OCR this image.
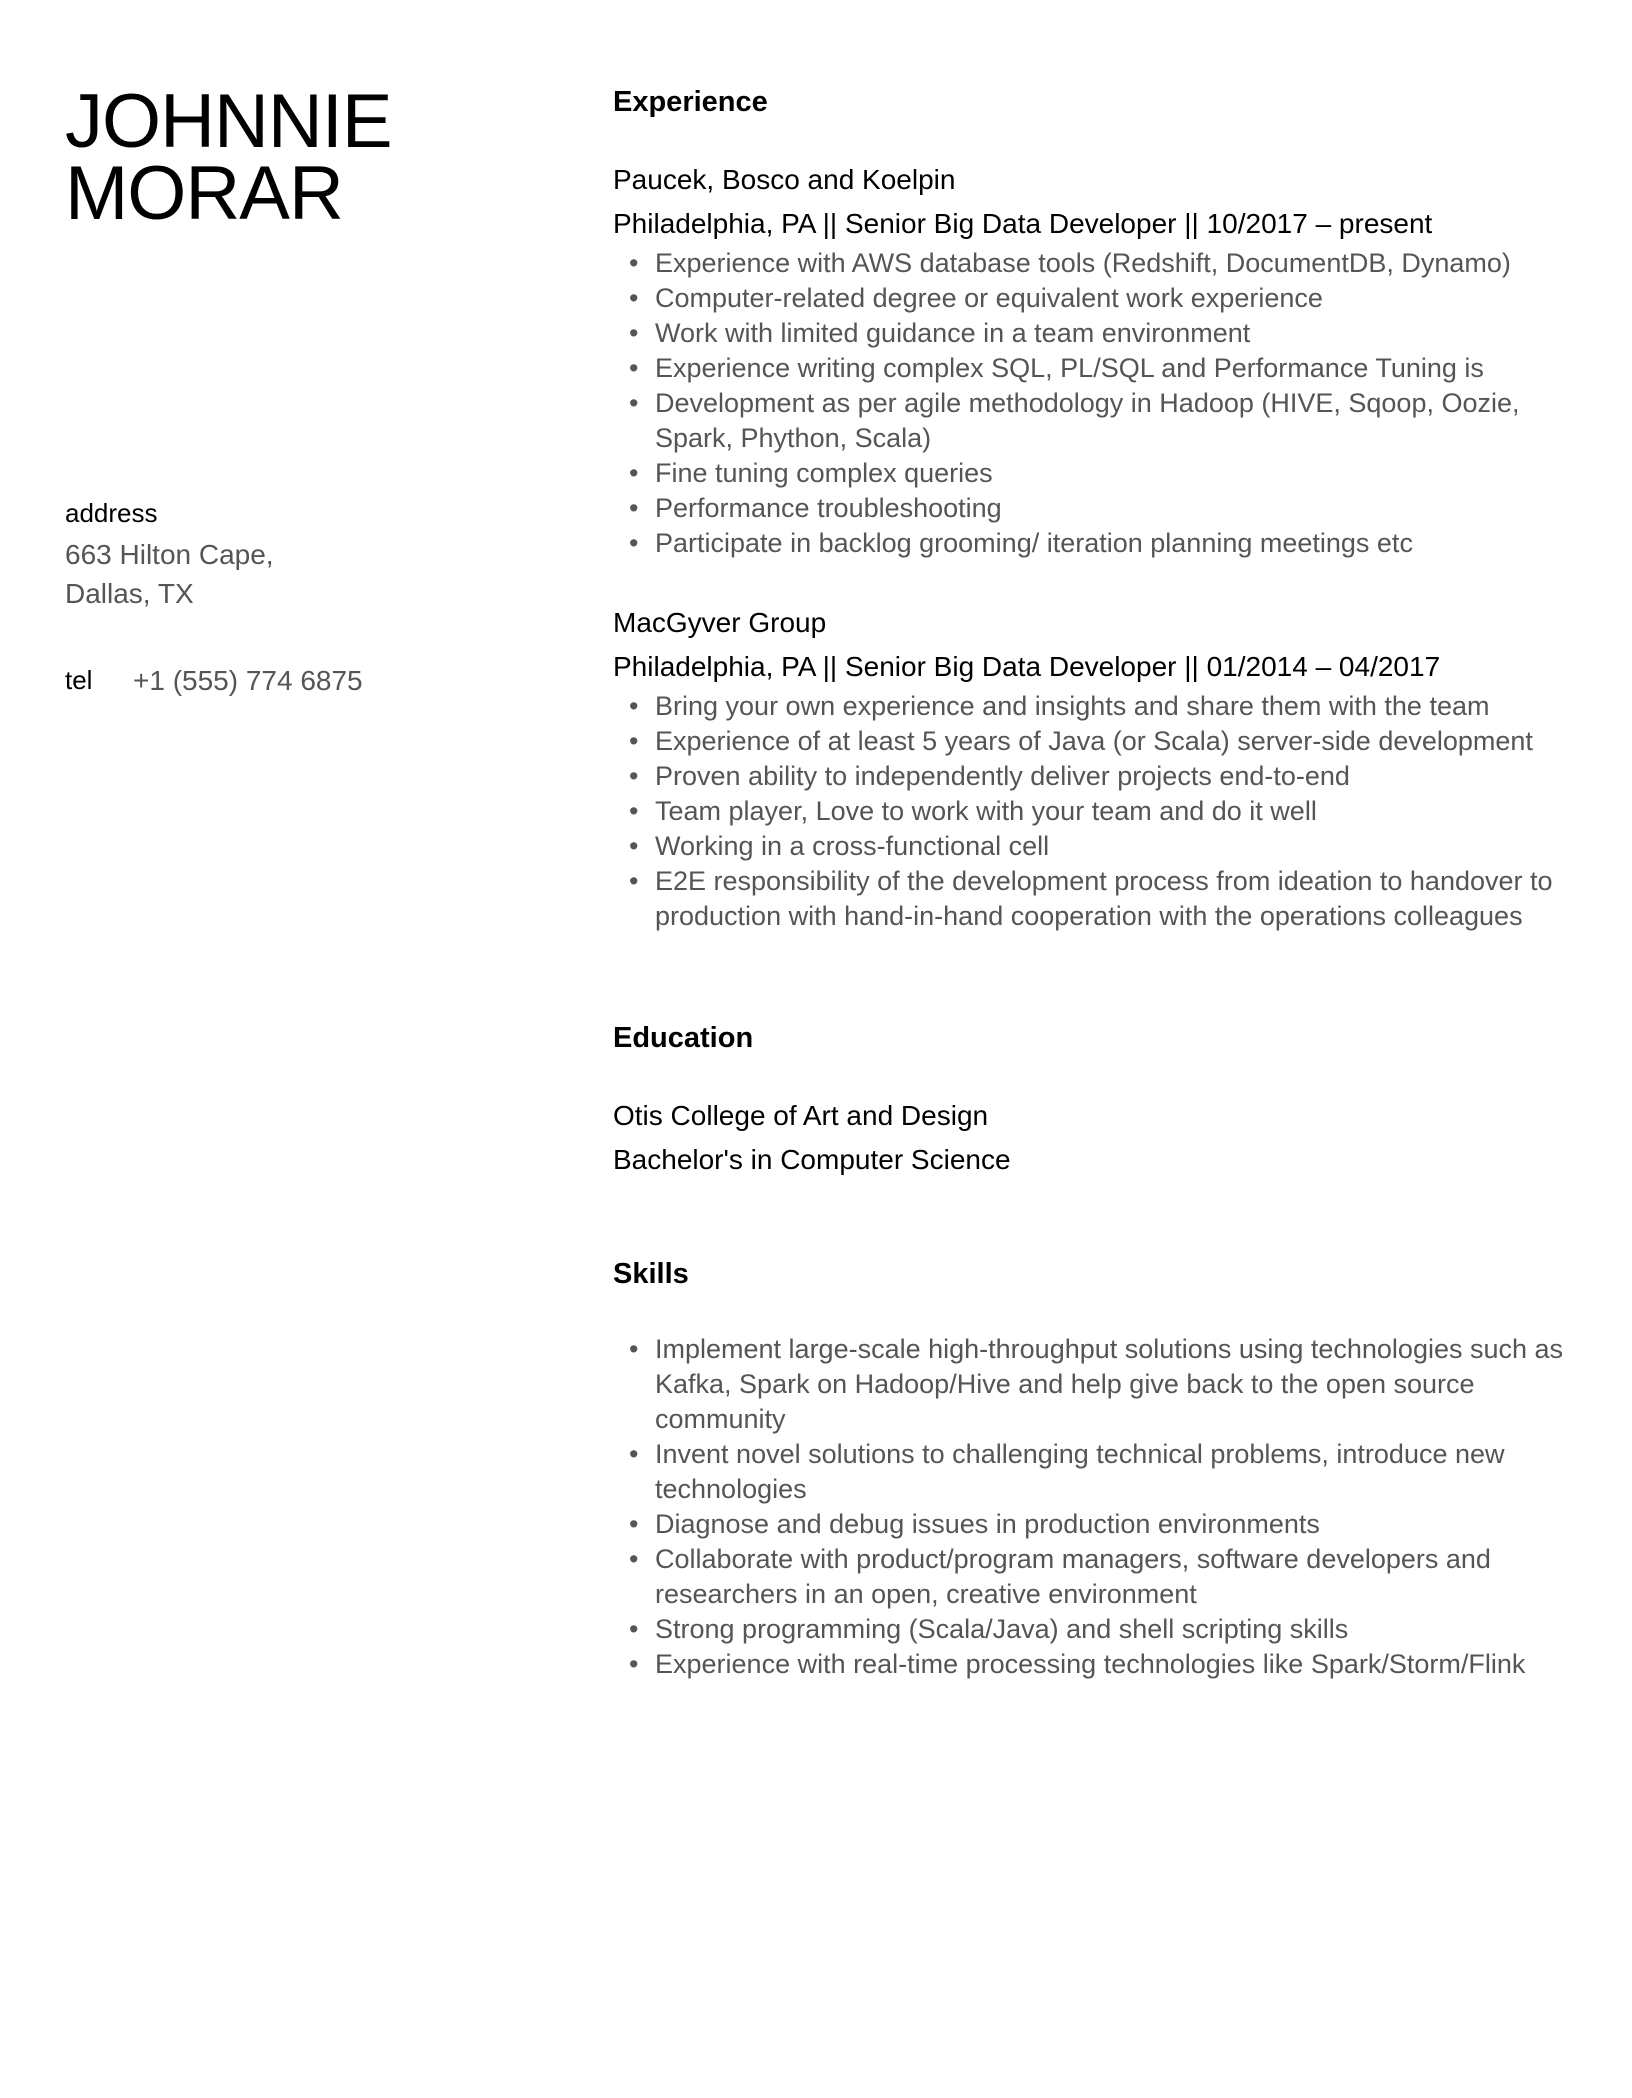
JOHNNIE
MORAR
address
663 Hilton Cape,
Dallas, TX
tel +1 (555) 774 6875
Experience
Paucek, Bosco and Koelpin
Philadelphia, PA || Senior Big Data Developer || 10/2017 – present
• Experience with AWS database tools (Redshift, DocumentDB, Dynamo)
• Computer-related degree or equivalent work experience
• Work with limited guidance in a team environment
• Experience writing complex SQL, PL/SQL and Performance Tuning is
• Development as per agile methodology in Hadoop (HIVE, Sqoop, Oozie, Spark, Phython, Scala)
• Fine tuning complex queries
• Performance troubleshooting
• Participate in backlog grooming/ iteration planning meetings etc
MacGyver Group
Philadelphia, PA || Senior Big Data Developer || 01/2014 – 04/2017
• Bring your own experience and insights and share them with the team
• Experience of at least 5 years of Java (or Scala) server-side development
• Proven ability to independently deliver projects end-to-end
• Team player, Love to work with your team and do it well
• Working in a cross-functional cell
• E2E responsibility of the development process from ideation to handover to production with hand-in-hand cooperation with the operations colleagues
Education
Otis College of Art and Design
Bachelor's in Computer Science
Skills
• Implement large-scale high-throughput solutions using technologies such as Kafka, Spark on Hadoop/Hive and help give back to the open source community
• Invent novel solutions to challenging technical problems, introduce new technologies
• Diagnose and debug issues in production environments
• Collaborate with product/program managers, software developers and researchers in an open, creative environment
• Strong programming (Scala/Java) and shell scripting skills
• Experience with real-time processing technologies like Spark/Storm/Flink
